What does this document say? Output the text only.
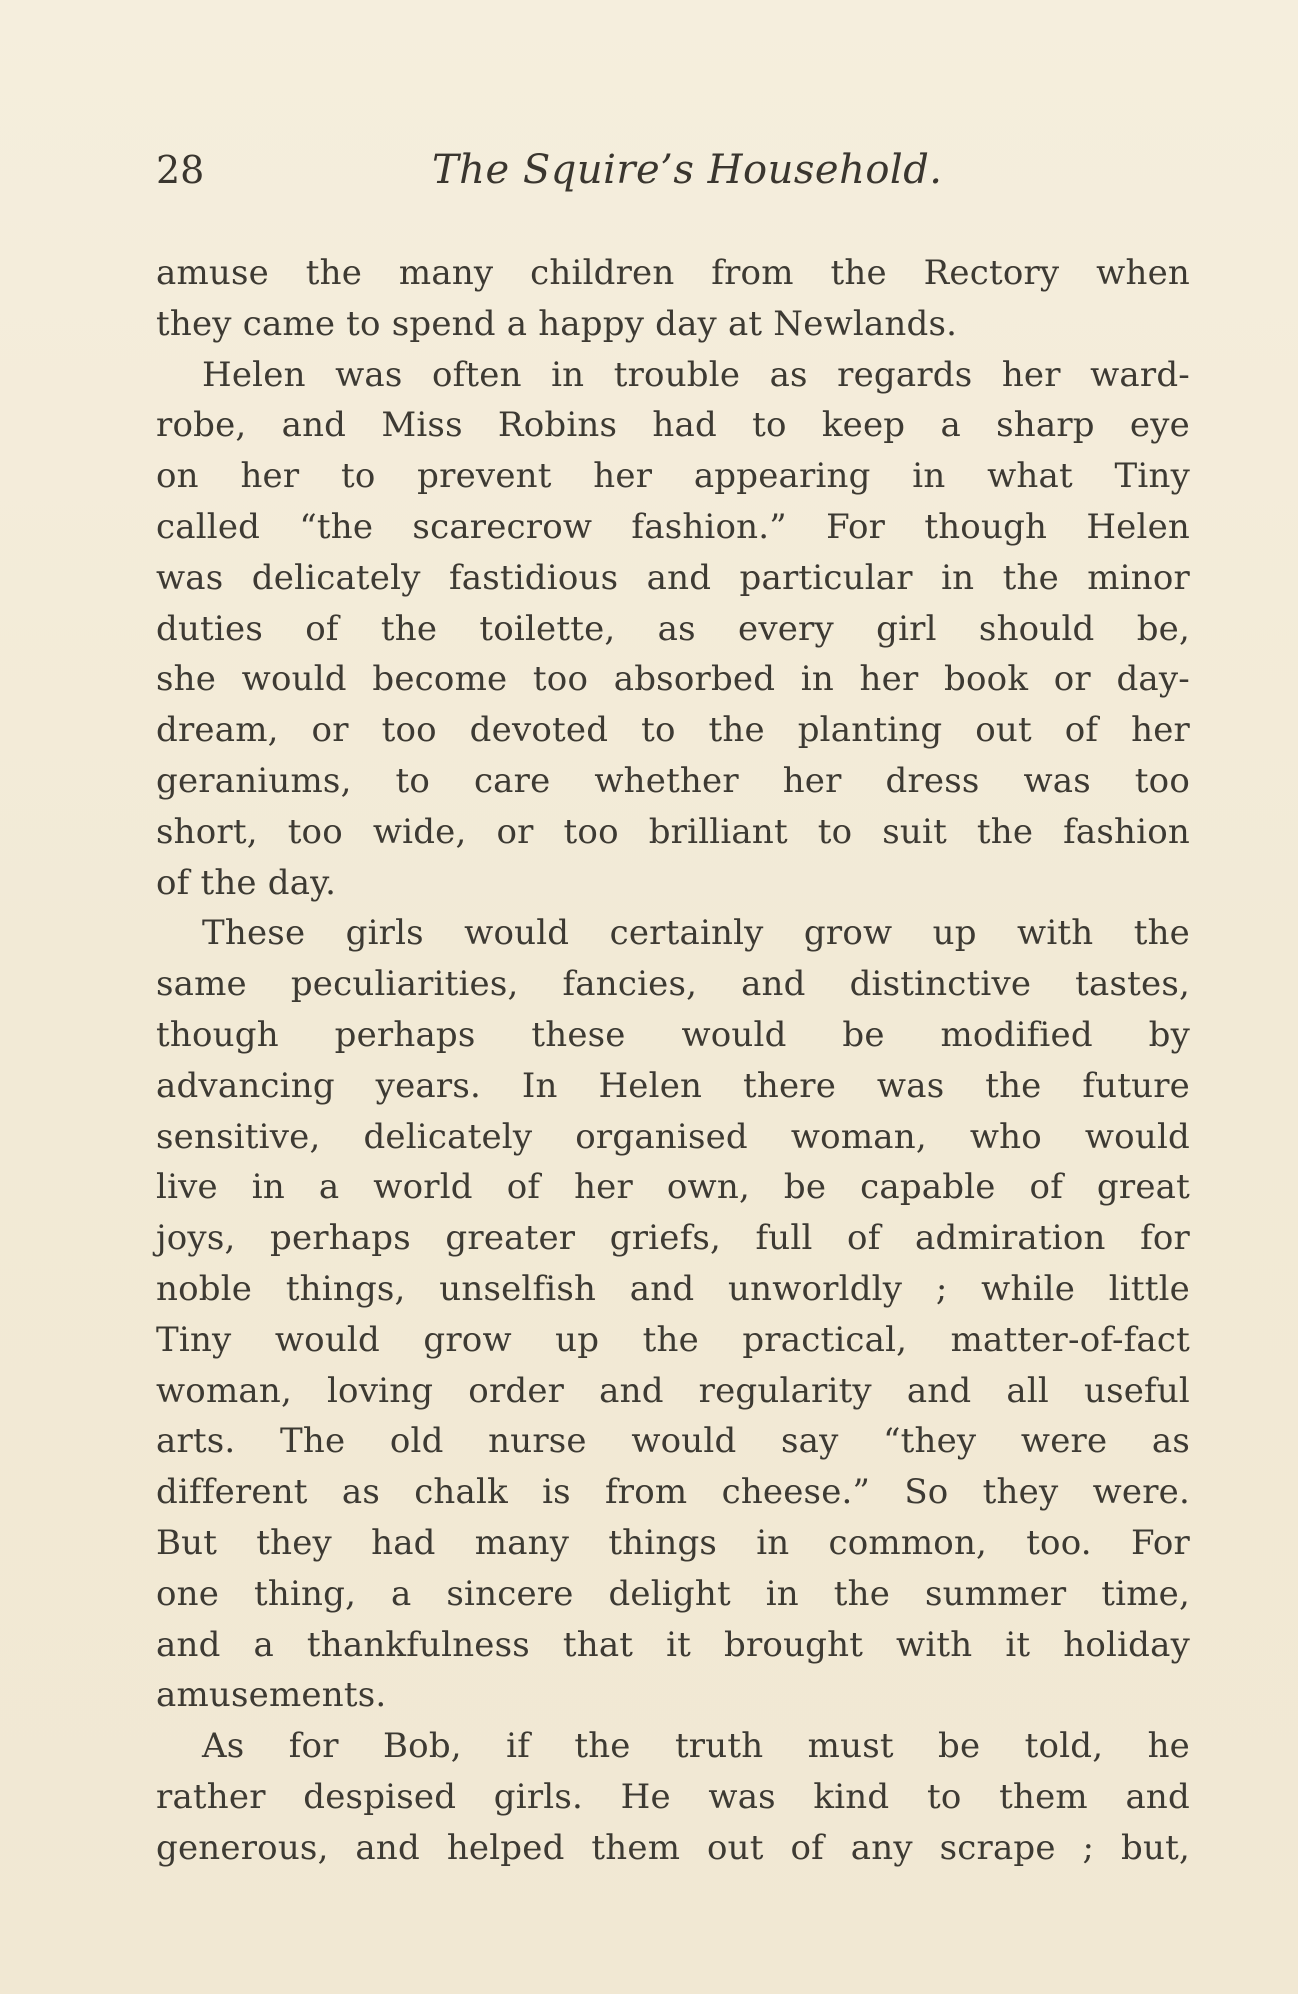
28	The Squire’s Household.
amuse the many children from the Rectory when
they came to spend a happy day at Newlands.
Helen was often in trouble as regards her ward-
robe, and Miss Robins had to keep a sharp eye
on her to prevent her appearing in what Tiny
called “the scarecrow fashion.” For though Helen
was delicately fastidious and particular in the minor
duties of the toilette, as every girl should be,
she would become too absorbed in her book or day-
dream, or too devoted to the planting out of her
geraniums, to care whether her dress was too
short, too wide, or too brilliant to suit the fashion
of the day.
These girls would certainly grow up with the
same peculiarities, fancies, and distinctive tastes,
though perhaps these would be modified by
advancing years. In Helen there was the future
sensitive, delicately organised woman, who would
live in a world of her own, be capable of great
joys, perhaps greater griefs, full of admiration for
noble things, unselfish and unworldly ; while little
Tiny would grow up the practical, matter-of-fact
woman, loving order and regularity and all useful
arts. The old nurse would say “they were as
different as chalk is from cheese.” So they were.
But they had many things in common, too. For
one thing, a sincere delight in the summer time,
and a thankfulness that it brought with it holiday
amusements.
As for Bob, if the truth must be told, he
rather despised girls. He was kind to them and
generous, and helped them out of any scrape ; but,
